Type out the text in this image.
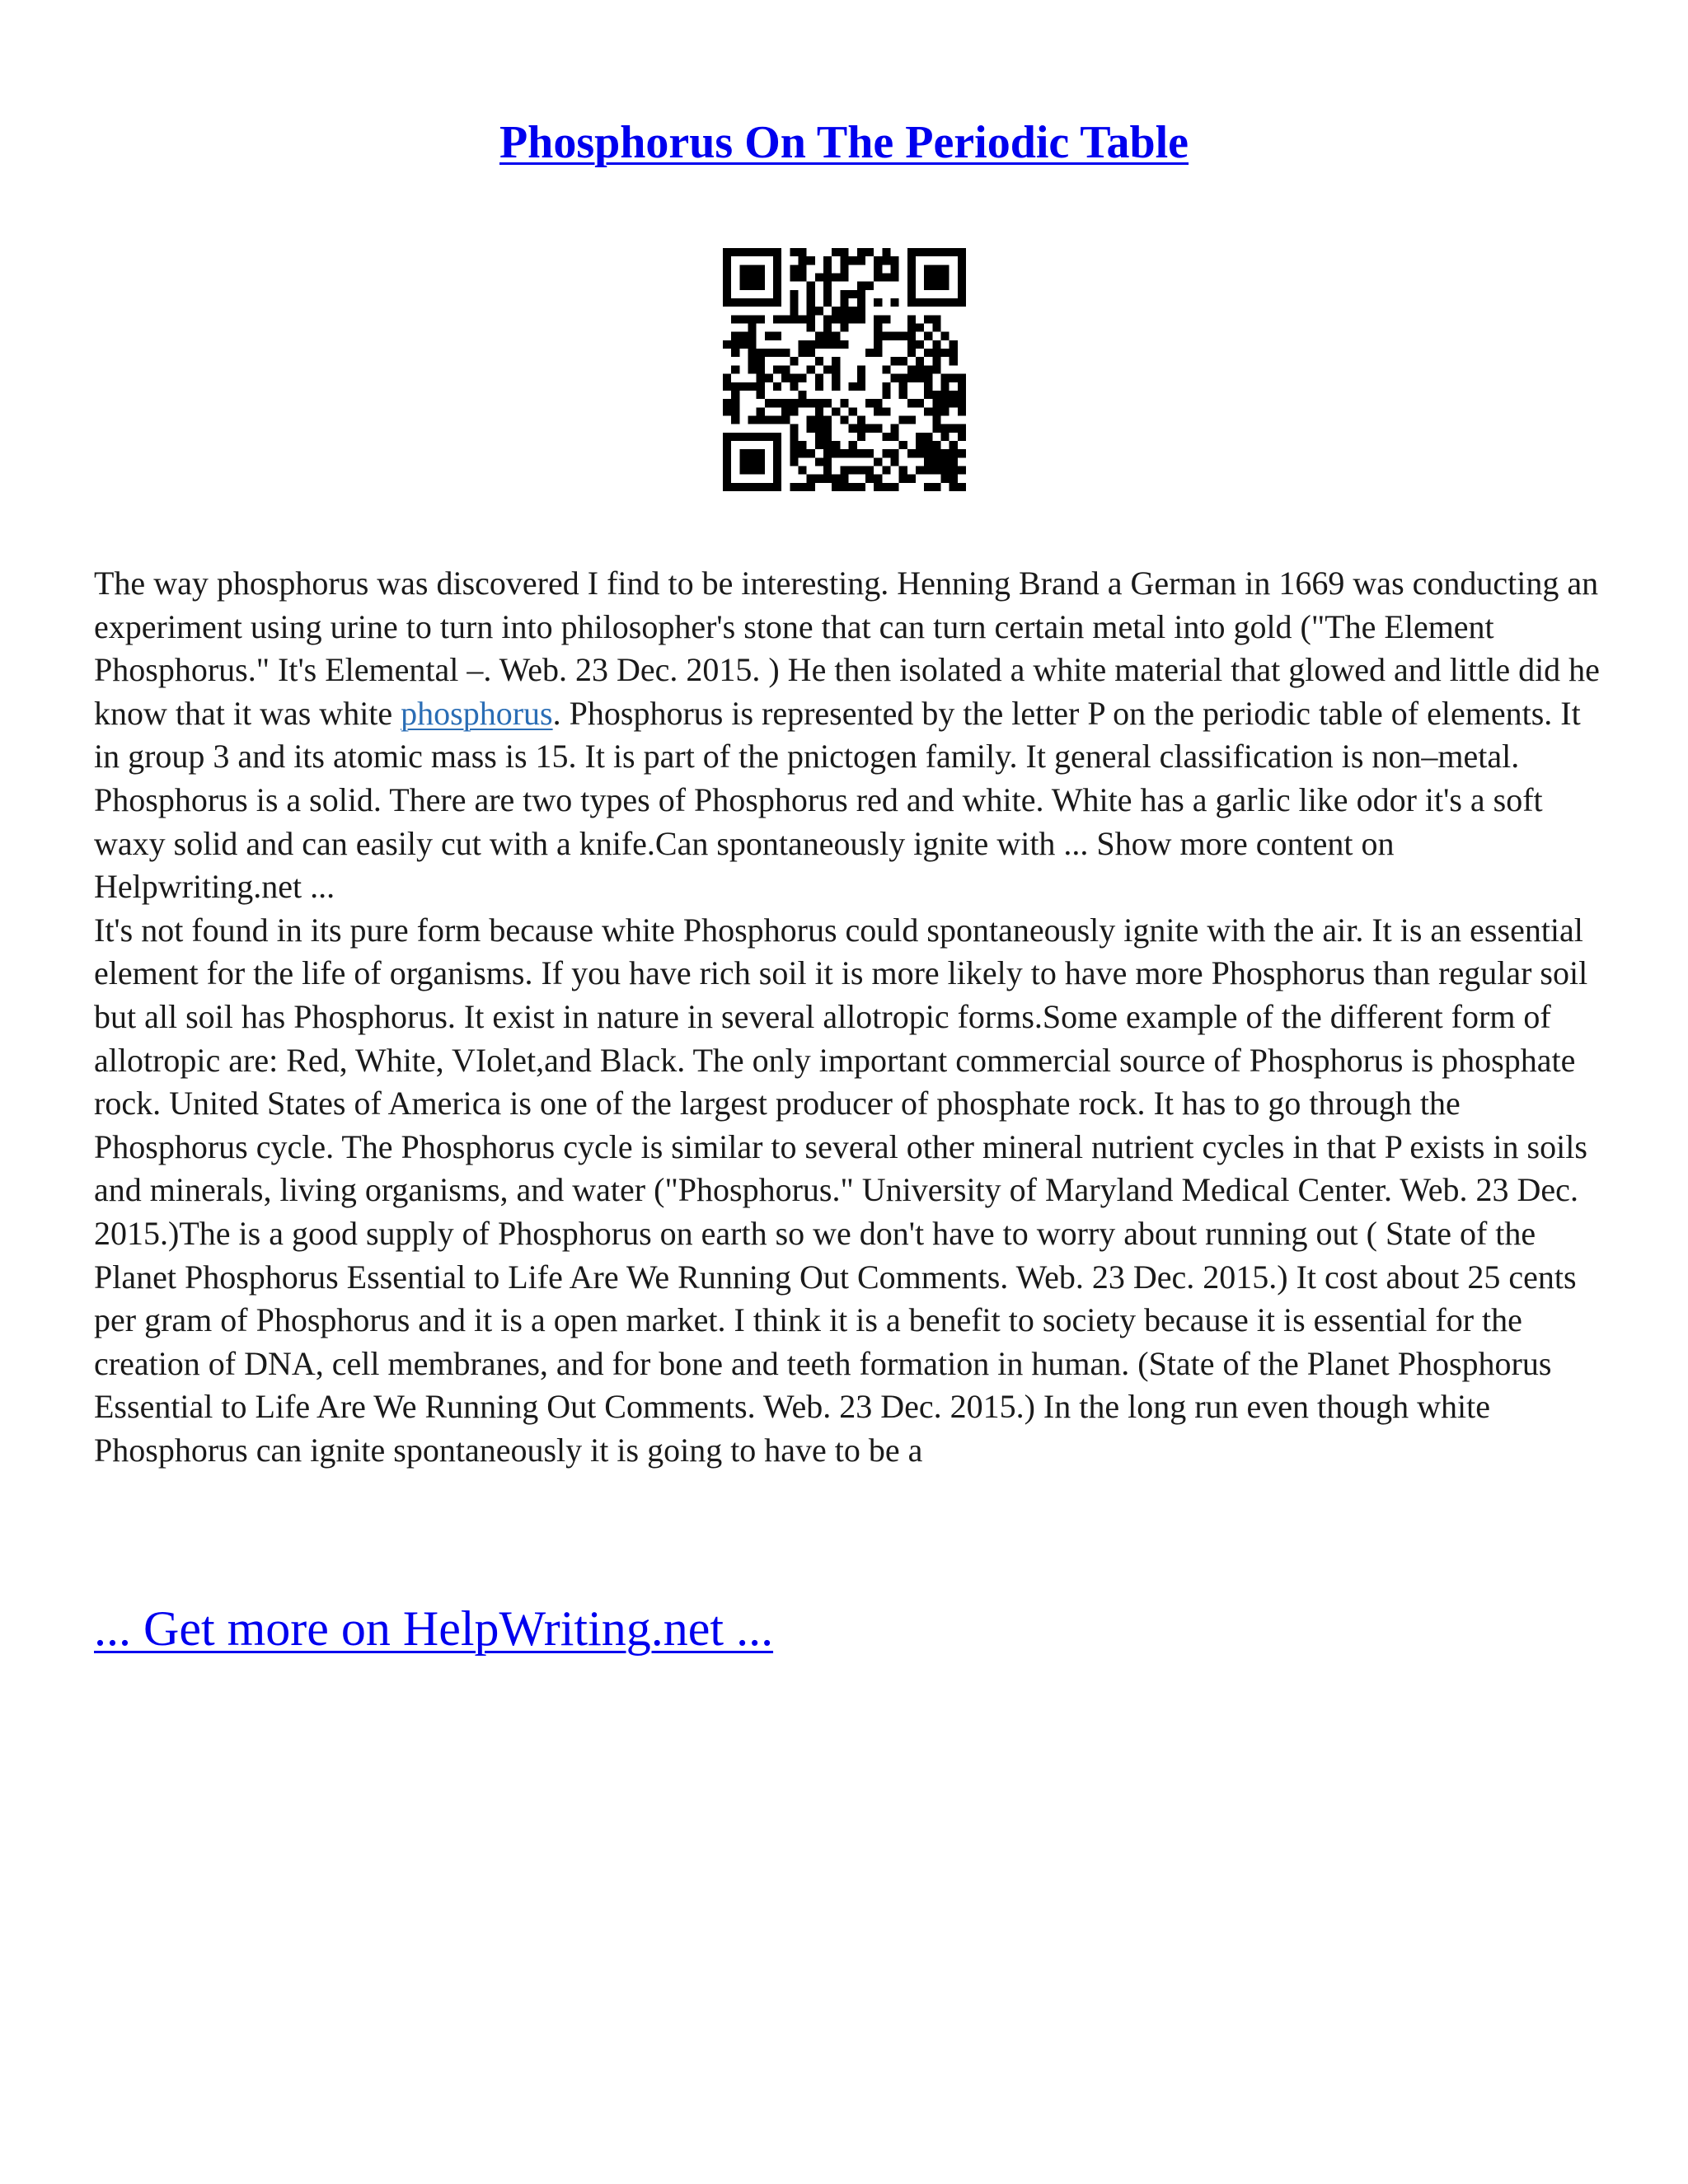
Phosphorus On The Periodic Table

The way phosphorus was discovered I find to be interesting. Henning Brand a German in 1669 was conducting an experiment using urine to turn into philosopher's stone that can turn certain metal into gold ("The Element Phosphorus." It's Elemental –. Web. 23 Dec. 2015. ) He then isolated a white material that glowed and little did he know that it was white phosphorus. Phosphorus is represented by the letter P on the periodic table of elements. It in group 3 and its atomic mass is 15. It is part of the pnictogen family. It general classification is non–metal. Phosphorus is a solid. There are two types of Phosphorus red and white. White has a garlic like odor it's a soft waxy solid and can easily cut with a knife.Can spontaneously ignite with ... Show more content on Helpwriting.net ...

It's not found in its pure form because white Phosphorus could spontaneously ignite with the air. It is an essential element for the life of organisms. If you have rich soil it is more likely to have more Phosphorus than regular soil but all soil has Phosphorus. It exist in nature in several allotropic forms.Some example of the different form of allotropic are: Red, White, VIolet,and Black. The only important commercial source of Phosphorus is phosphate rock. United States of America is one of the largest producer of phosphate rock. It has to go through the Phosphorus cycle. The Phosphorus cycle is similar to several other mineral nutrient cycles in that P exists in soils and minerals, living organisms, and water ("Phosphorus." University of Maryland Medical Center. Web. 23 Dec. 2015.)The is a good supply of Phosphorus on earth so we don't have to worry about running out ( State of the Planet Phosphorus Essential to Life Are We Running Out Comments. Web. 23 Dec. 2015.) It cost about 25 cents per gram of Phosphorus and it is a open market. I think it is a benefit to society because it is essential for the creation of DNA, cell membranes, and for bone and teeth formation in human. (State of the Planet Phosphorus Essential to Life Are We Running Out Comments. Web. 23 Dec. 2015.) In the long run even though white Phosphorus can ignite spontaneously it is going to have to be a

... Get more on HelpWriting.net ...
